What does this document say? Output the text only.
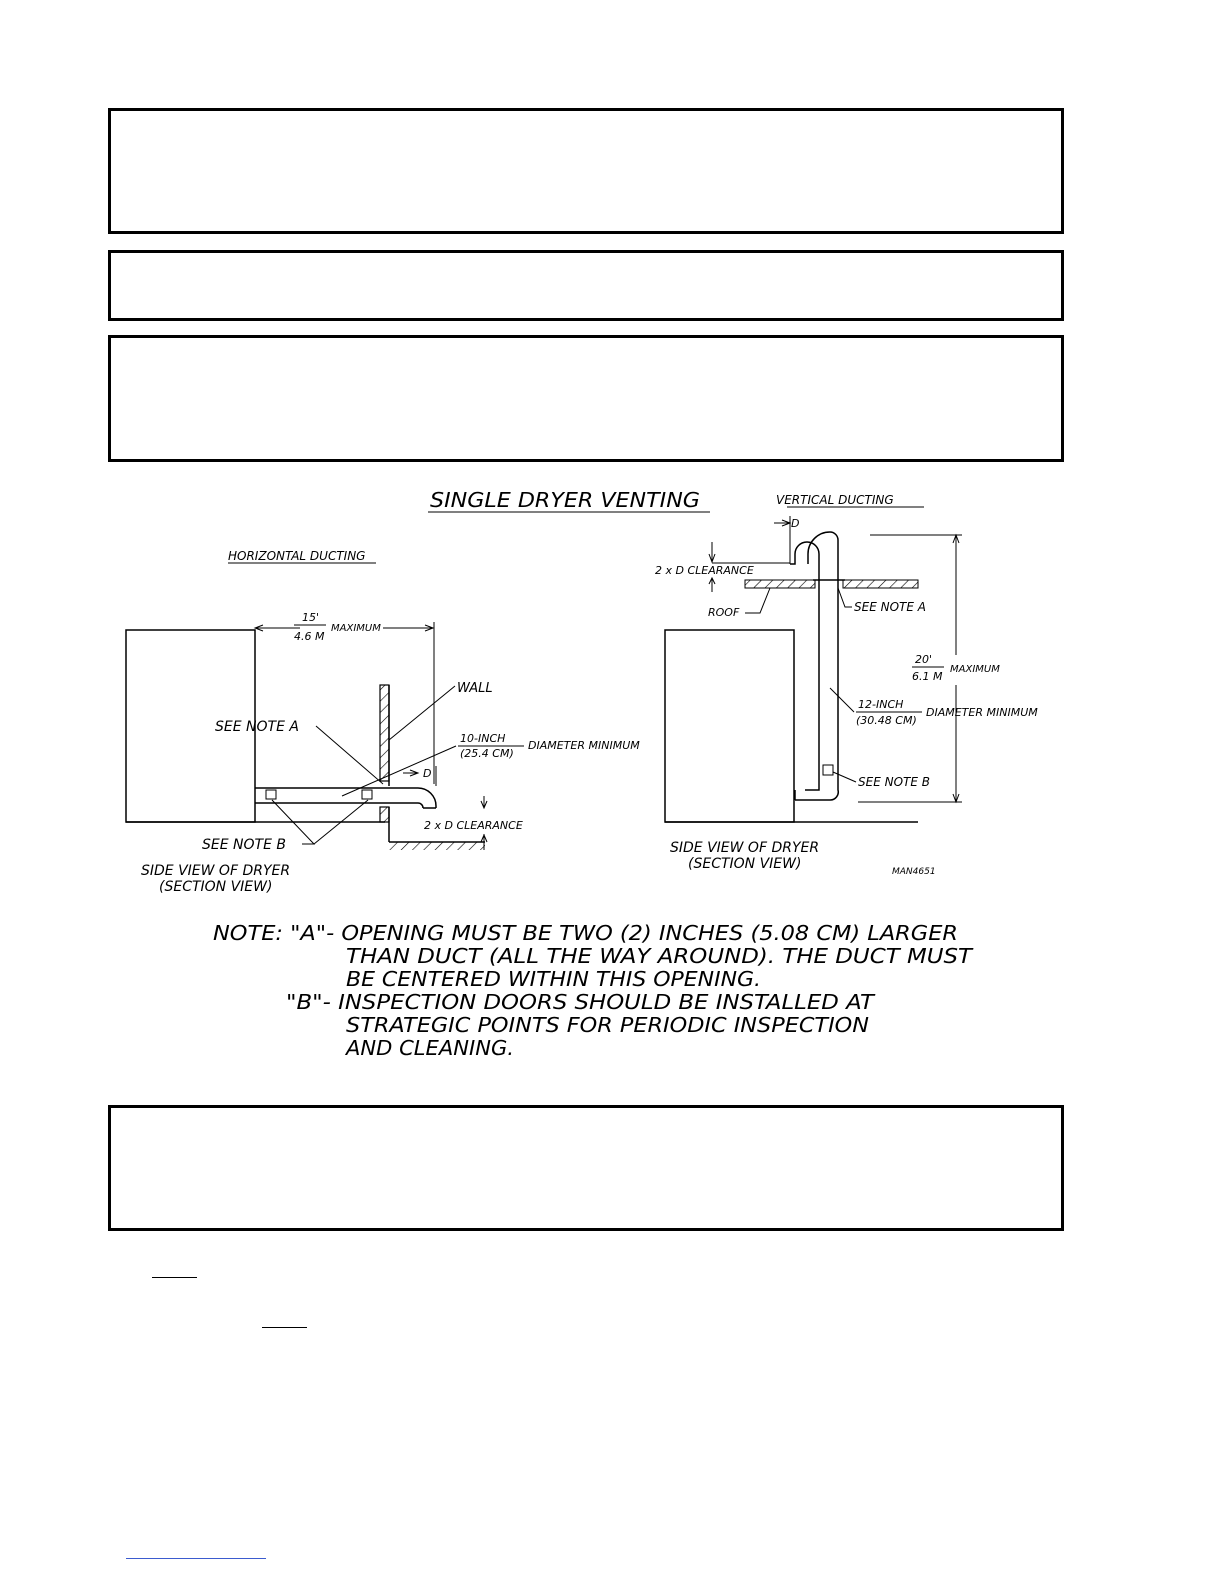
SINGLE DRYER VENTING
HORIZONTAL DUCTING
15'
4.6 M
MAXIMUM
WALL
SEE NOTE A
10-INCH
(25.4 CM)
DIAMETER MINIMUM
D
2 x D CLEARANCE
SEE NOTE B
SIDE VIEW OF DRYER
(SECTION VIEW)
VERTICAL DUCTING
D
2 x D CLEARANCE
ROOF	SEE NOTE A
20'
6.1 M
MAXIMUM
12-INCH
(30.48 CM)
DIAMETER MINIMUM
SEE NOTE B
SIDE VIEW OF DRYER
(SECTION VIEW)	MAN4651
NOTE: "A"- OPENING MUST BE TWO (2) INCHES (5.08 CM) LARGER
THAN DUCT (ALL THE WAY AROUND). THE DUCT MUST
BE CENTERED WITHIN THIS OPENING.
"B"- INSPECTION DOORS SHOULD BE INSTALLED AT
STRATEGIC POINTS FOR PERIODIC INSPECTION
AND CLEANING.
